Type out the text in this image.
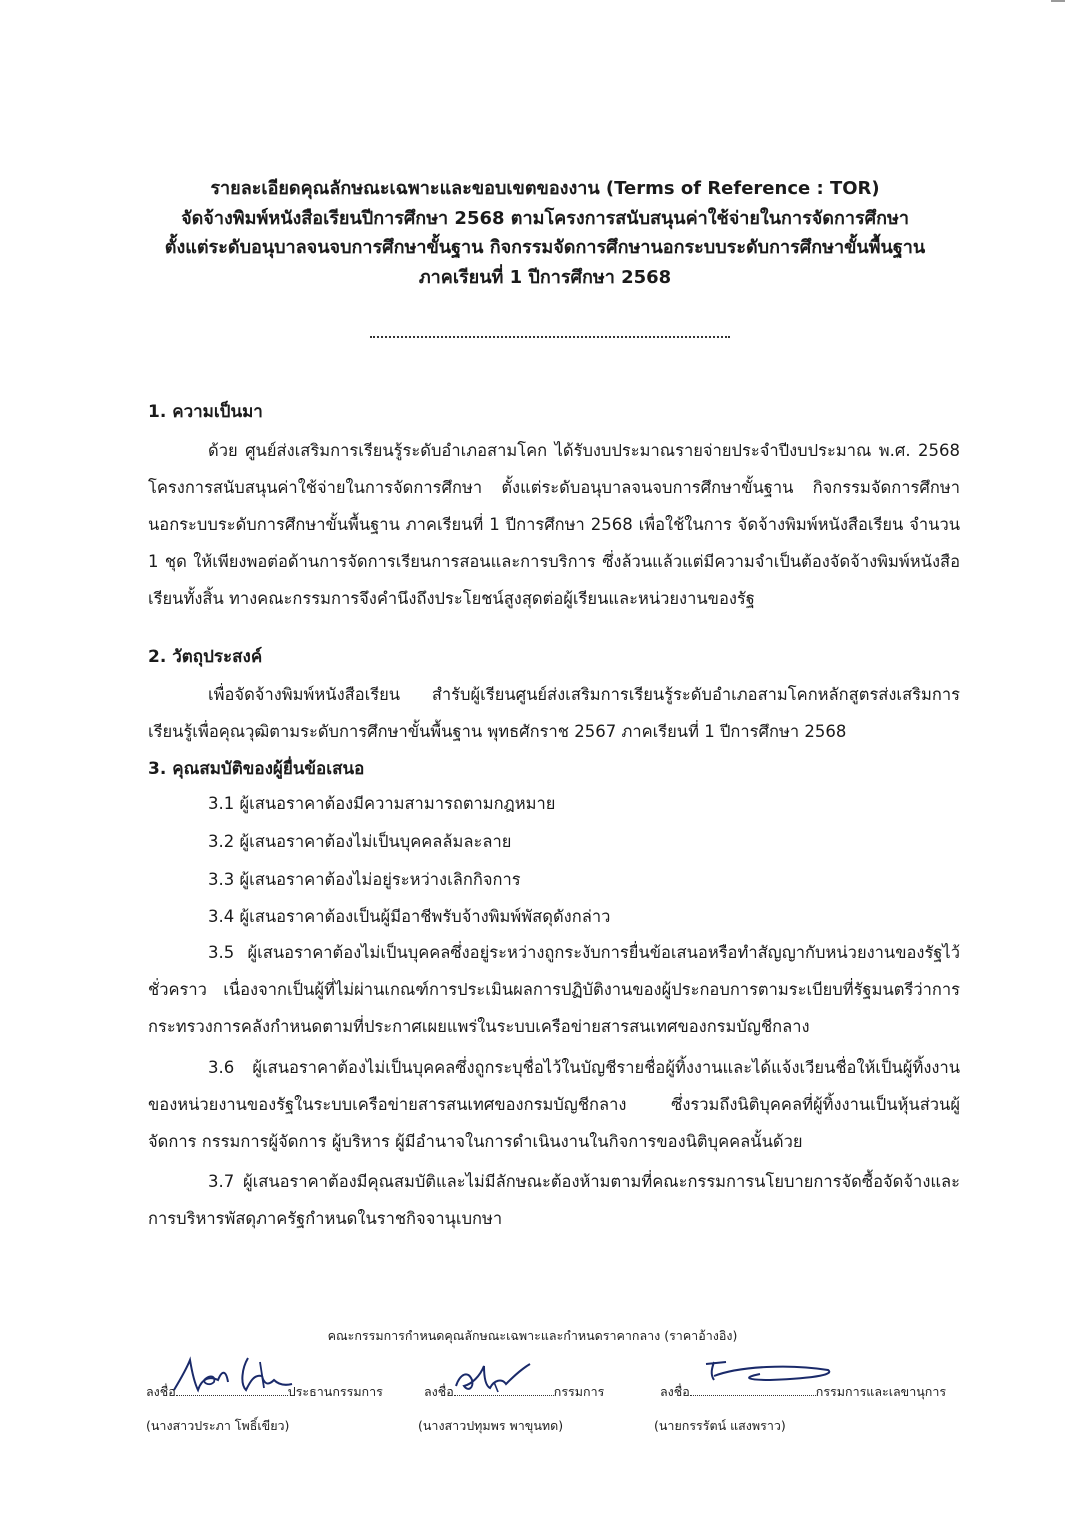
รายละเอียดคุณลักษณะเฉพาะและขอบเขตของงาน (Terms of Reference : TOR)
จัดจ้างพิมพ์หนังสือเรียนปีการศึกษา 2568 ตามโครงการสนับสนุนค่าใช้จ่ายในการจัดการศึกษา
ตั้งแต่ระดับอนุบาลจนจบการศึกษาขั้นฐาน กิจกรรมจัดการศึกษานอกระบบระดับการศึกษาขั้นพื้นฐาน
ภาคเรียนที่ 1 ปีการศึกษา 2568
1. ความเป็นมา

ด้วย ศูนย์ส่งเสริมการเรียนรู้ระดับอำเภอสามโคก ได้รับงบประมาณรายจ่ายประจำปีงบประมาณ พ.ศ. 2568 โครงการสนับสนุนค่าใช้จ่ายในการจัดการศึกษา ตั้งแต่ระดับอนุบาลจนจบการศึกษาขั้นฐาน กิจกรรมจัดการศึกษานอกระบบระดับการศึกษาขั้นพื้นฐาน ภาคเรียนที่ 1 ปีการศึกษา 2568 เพื่อใช้ในการ จัดจ้างพิมพ์หนังสือเรียน จำนวน 1 ชุด ให้เพียงพอต่อด้านการจัดการเรียนการสอนและการบริการ ซึ่งล้วนแล้วแต่มีความจำเป็นต้องจัดจ้างพิมพ์หนังสือเรียนทั้งสิ้น ทางคณะกรรมการจึงคำนึงถึงประโยชน์สูงสุดต่อผู้เรียนและหน่วยงานของรัฐ

2. วัตถุประสงค์

เพื่อจัดจ้างพิมพ์หนังสือเรียน สำรับผู้เรียนศูนย์ส่งเสริมการเรียนรู้ระดับอำเภอสามโคกหลักสูตรส่งเสริมการเรียนรู้เพื่อคุณวุฒิตามระดับการศึกษาขั้นพื้นฐาน พุทธศักราช 2567 ภาคเรียนที่ 1 ปีการศึกษา 2568

3. คุณสมบัติของผู้ยื่นข้อเสนอ
3.1 ผู้เสนอราคาต้องมีความสามารถตามกฎหมาย
3.2 ผู้เสนอราคาต้องไม่เป็นบุคคลล้มละลาย
3.3 ผู้เสนอราคาต้องไม่อยู่ระหว่างเลิกกิจการ
3.4 ผู้เสนอราคาต้องเป็นผู้มีอาชีพรับจ้างพิมพ์พัสดุดังกล่าว

3.5 ผู้เสนอราคาต้องไม่เป็นบุคคลซึ่งอยู่ระหว่างถูกระงับการยื่นข้อเสนอหรือทำสัญญากับหน่วยงานของรัฐไว้ชั่วคราว เนื่องจากเป็นผู้ที่ไม่ผ่านเกณฑ์การประเมินผลการปฏิบัติงานของผู้ประกอบการตามระเบียบที่รัฐมนตรีว่าการกระทรวงการคลังกำหนดตามที่ประกาศเผยแพร่ในระบบเครือข่ายสารสนเทศของกรมบัญชีกลาง

3.6 ผู้เสนอราคาต้องไม่เป็นบุคคลซึ่งถูกระบุชื่อไว้ในบัญชีรายชื่อผู้ทิ้งงานและได้แจ้งเวียนชื่อให้เป็นผู้ทิ้งงานของหน่วยงานของรัฐในระบบเครือข่ายสารสนเทศของกรมบัญชีกลาง ซึ่งรวมถึงนิติบุคคลที่ผู้ทิ้งงานเป็นหุ้นส่วนผู้จัดการ กรรมการผู้จัดการ ผู้บริหาร ผู้มีอำนาจในการดำเนินงานในกิจการของนิติบุคคลนั้นด้วย

3.7 ผู้เสนอราคาต้องมีคุณสมบัติและไม่มีลักษณะต้องห้ามตามที่คณะกรรมการนโยบายการจัดซื้อจัดจ้างและการบริหารพัสดุภาครัฐกำหนดในราชกิจจานุเบกษา

คณะกรรมการกำหนดคุณลักษณะเฉพาะและกำหนดราคากลาง (ราคาอ้างอิง)
ลงชื่อ	ประธานกรรมการ
(นางสาวประภา โพธิ์เขียว)
ลงชื่อ	กรรมการ
(นางสาวปทุมพร พาขุนทด)
ลงชื่อ	กรรมการและเลขานุการ
(นายกรรรัตน์ แสงพราว)
